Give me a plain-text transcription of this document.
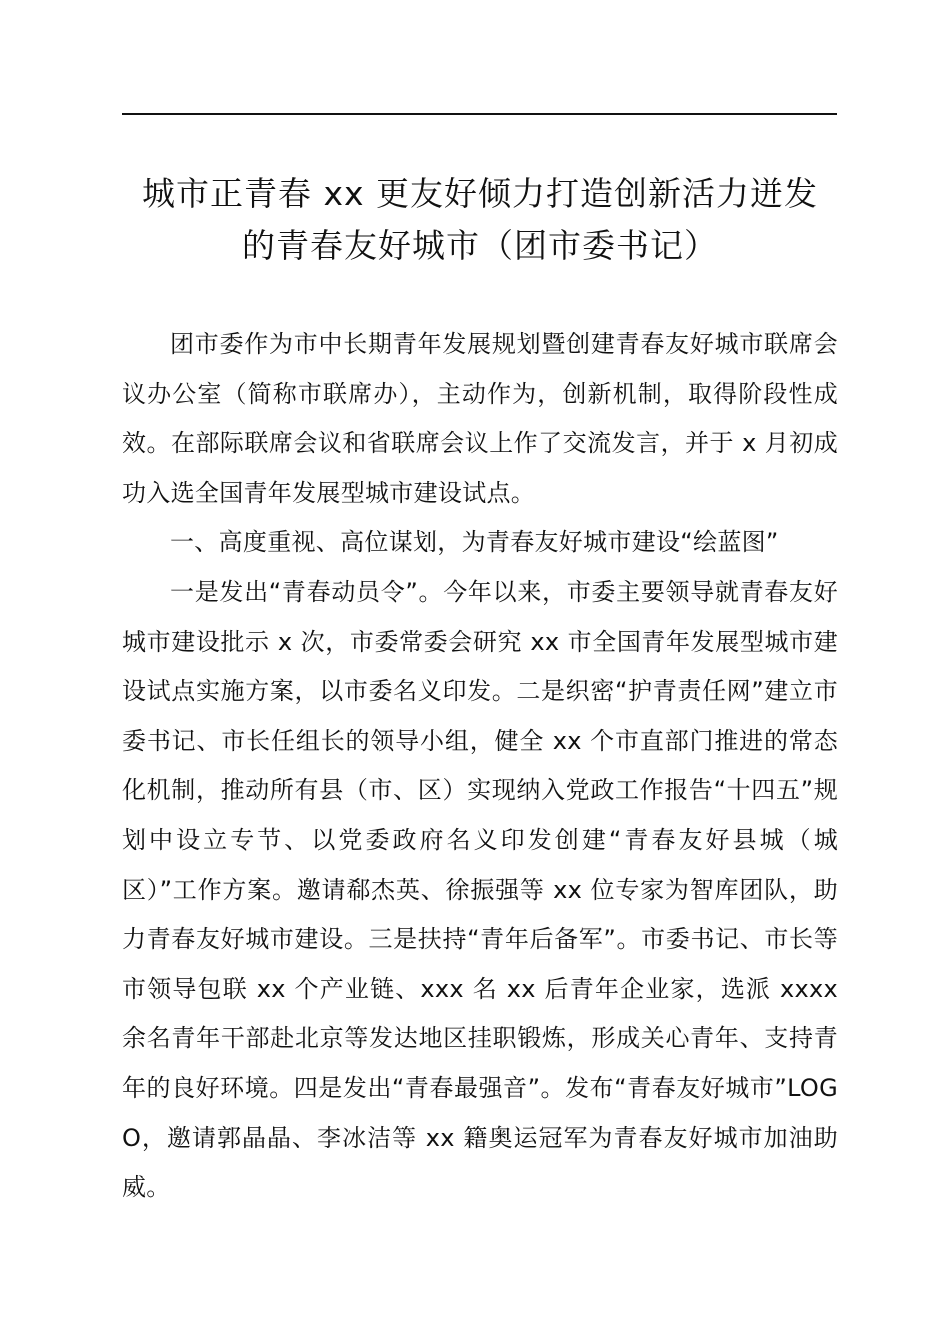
城市正青春 xx 更友好倾力打造创新活力迸发
的青春友好城市（团市委书记）

团市委作为市中长期青年发展规划暨创建青春友好城市联席会议办公室（简称市联席办），主动作为，创新机制，取得阶段性成效。在部际联席会议和省联席会议上作了交流发言，并于 x 月初成功入选全国青年发展型城市建设试点。

一、高度重视、高位谋划，为青春友好城市建设“绘蓝图”

一是发出“青春动员令”。今年以来，市委主要领导就青春友好城市建设批示 x 次，市委常委会研究 xx 市全国青年发展型城市建设试点实施方案，以市委名义印发。二是织密“护青责任网”建立市委书记、市长任组长的领导小组，健全 xx 个市直部门推进的常态化机制，推动所有县（市、区）实现纳入党政工作报告“十四五”规划中设立专节、以党委政府名义印发创建“青春友好县城（城区）”工作方案。邀请郗杰英、徐振强等 xx 位专家为智库团队，助力青春友好城市建设。三是扶持“青年后备军”。市委书记、市长等市领导包联 xx 个产业链、xxx 名 xx 后青年企业家，选派 xxxx 余名青年干部赴北京等发达地区挂职锻炼，形成关心青年、支持青年的良好环境。四是发出“青春最强音”。发布“青春友好城市”LOGO，邀请郭晶晶、李冰洁等 xx 籍奥运冠军为青春友好城市加油助威。
